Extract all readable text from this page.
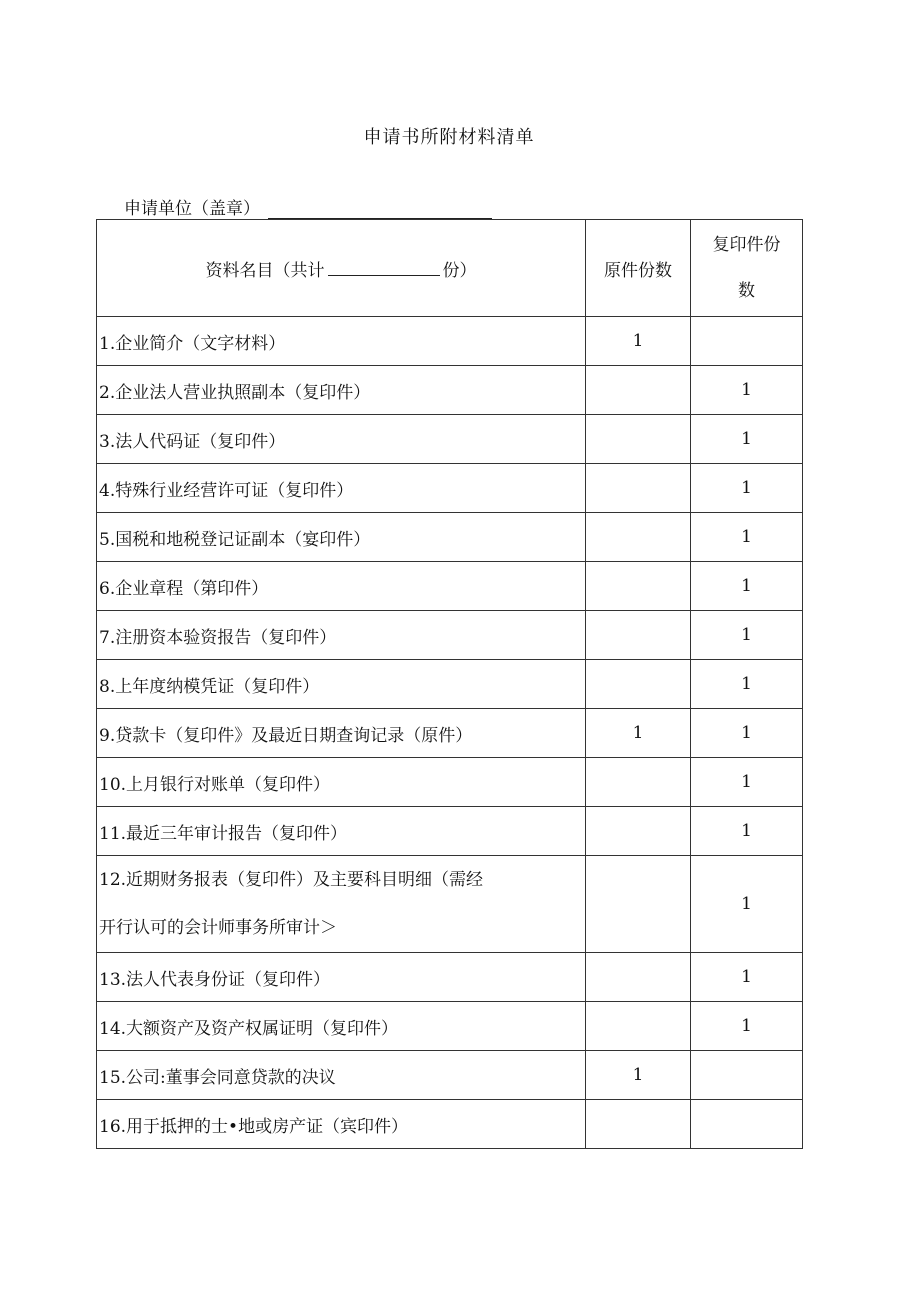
申请书所附材料清单
申请单位（盖章）
资料名目（共计 份）	原件份数	复印件份
数

1.企业简介（文字材料）	1	
2.企业法人营业执照副本（复印件）		1
3.法人代码证（复印件）		1
4.特殊行业经营许可证（复印件）		1
5.国税和地税登记证副本（宴印件）		1
6.企业章程（第印件）		1
7.注册资本验资报告（复印件）		1
8.上年度纳模凭证（复印件）		1
9.贷款卡（复印件》及最近日期查询记录（原件）	1	1
10.上月银行对账单（复印件）		1
11.最近三年审计报告（复印件）		1

12.近期财务报表（复印件）及主要科目明细（需经
开行认可的会计师事务所审计＞		1
13.法人代表身份证（复印件）		1
14.大额资产及资产权属证明（复印件）		1
15.公司:董事会同意贷款的决议	1	
16.用于抵押的士•地或房产证（宾印件）		
